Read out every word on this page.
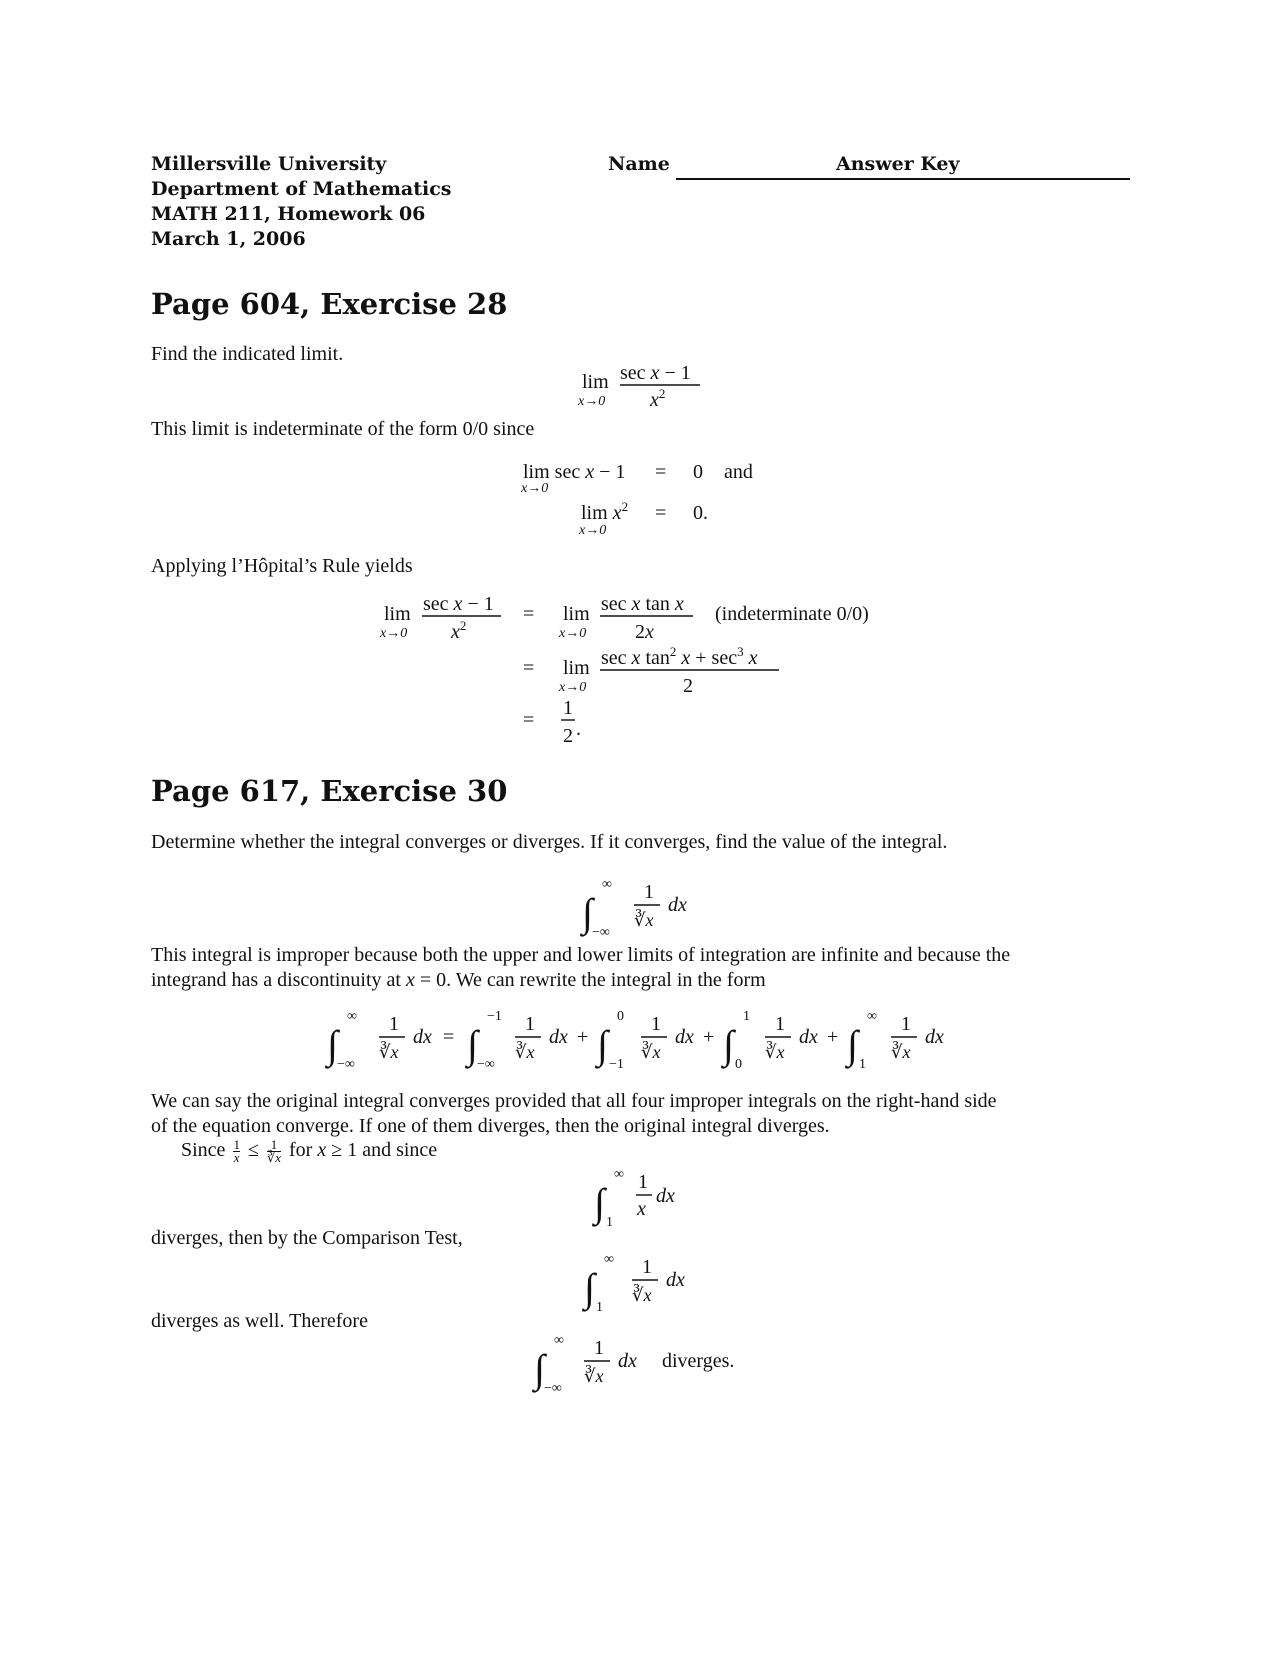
Millersville University
Department of Mathematics
MATH 211, Homework 06
March 1, 2006
Name	Answer Key
Page 604, Exercise 28
Find the indicated limit.
lim
x→0
sec x − 1
$x^2$
This limit is indeterminate of the form 0/0 since
lim sec x − 1
x→0
= 0 and
$\lim x^2$
x→0
= 0.
Applying l’Hôpital’s Rule yields
lim
x→0
sec x − 1
$x^2$
= lim
x→0
sec x tan x
2x
(indeterminate 0/0)
= lim
x→0
sec x $\tan^2 x + \sec^3 x$
2
=
1
2 .
Page 617, Exercise 30
Determine whether the integral converges or diverges. If it converges, find the value of the integral.
∫
∞
−∞
1
∛x
dx
This integral is improper because both the upper and lower limits of integration are infinite and because the
integrand has a discontinuity at x = 0. We can rewrite the integral in the form
∫
∞
−∞
1
∛x
dx = ∫
−1
−∞
1
∛x
dx + ∫
0
−1
1
∛x
dx + ∫
1
0
1
∛x
dx + ∫
∞
1
1
∛x
dx
We can say the original integral converges provided that all four improper integrals on the right-hand side
of the equation converge. If one of them diverges, then the original integral diverges.
Since $\frac{1}{x} \le \frac{1}{∛x}$ for x ≥ 1 and since
∫
∞
1
1
x
dx
diverges, then by the Comparison Test,
∫
∞
1
1
∛x
dx
diverges as well. Therefore
∫
∞
−∞
1
∛x
dx diverges.
